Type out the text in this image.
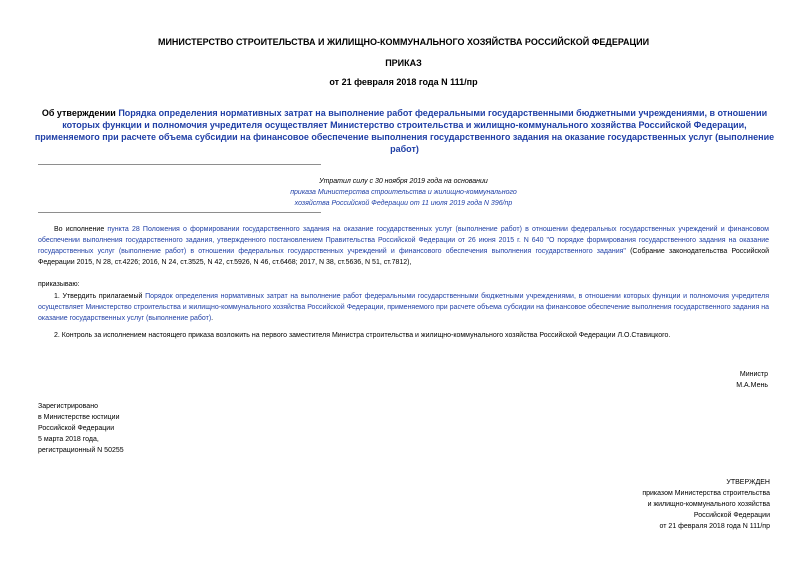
МИНИСТЕРСТВО СТРОИТЕЛЬСТВА И ЖИЛИЩНО-КОММУНАЛЬНОГО ХОЗЯЙСТВА РОССИЙСКОЙ ФЕДЕРАЦИИ
ПРИКАЗ
от 21 февраля 2018 года N 111/пр
Об утверждении Порядка определения нормативных затрат на выполнение работ федеральными государственными бюджетными учреждениями, в отношении которых функции и полномочия учредителя осуществляет Министерство строительства и жилищно-коммунального хозяйства Российской Федерации, применяемого при расчете объема субсидии на финансовое обеспечение выполнения государственного задания на оказание государственных услуг (выполнение работ)
Утратил силу с 30 ноября 2019 года на основании
приказа Министерства строительства и жилищно-коммунального
хозяйства Российской Федерации от 11 июля 2019 года N 396/пр
Во исполнение пункта 28 Положения о формировании государственного задания на оказание государственных услуг (выполнение работ) в отношении федеральных государственных учреждений и финансовом обеспечении выполнения государственного задания, утвержденного постановлением Правительства Российской Федерации от 26 июня 2015 г. N 640 "О порядке формирования государственного задания на оказание государственных услуг (выполнение работ) в отношении федеральных государственных учреждений и финансового обеспечения выполнения государственного задания" (Собрание законодательства Российской Федерации 2015, N 28, ст.4226; 2016, N 24, ст.3525, N 42, ст.5926, N 46, ст.6468; 2017, N 38, ст.5636, N 51, ст.7812),
приказываю:
1. Утвердить прилагаемый Порядок определения нормативных затрат на выполнение работ федеральными государственными бюджетными учреждениями, в отношении которых функции и полномочия учредителя осуществляет Министерство строительства и жилищно-коммунального хозяйства Российской Федерации, применяемого при расчете объема субсидии на финансовое обеспечение выполнения государственного задания на оказание государственных услуг (выполнение работ).
2. Контроль за исполнением настоящего приказа возложить на первого заместителя Министра строительства и жилищно-коммунального хозяйства Российской Федерации Л.О.Ставицкого.
Министр
М.А.Мень
Зарегистрировано
в Министерстве юстиции
Российской Федерации
5 марта 2018 года,
регистрационный N 50255
УТВЕРЖДЕН
приказом Министерства строительства
и жилищно-коммунального хозяйства
Российской Федерации
от 21 февраля 2018 года N 111/пр
